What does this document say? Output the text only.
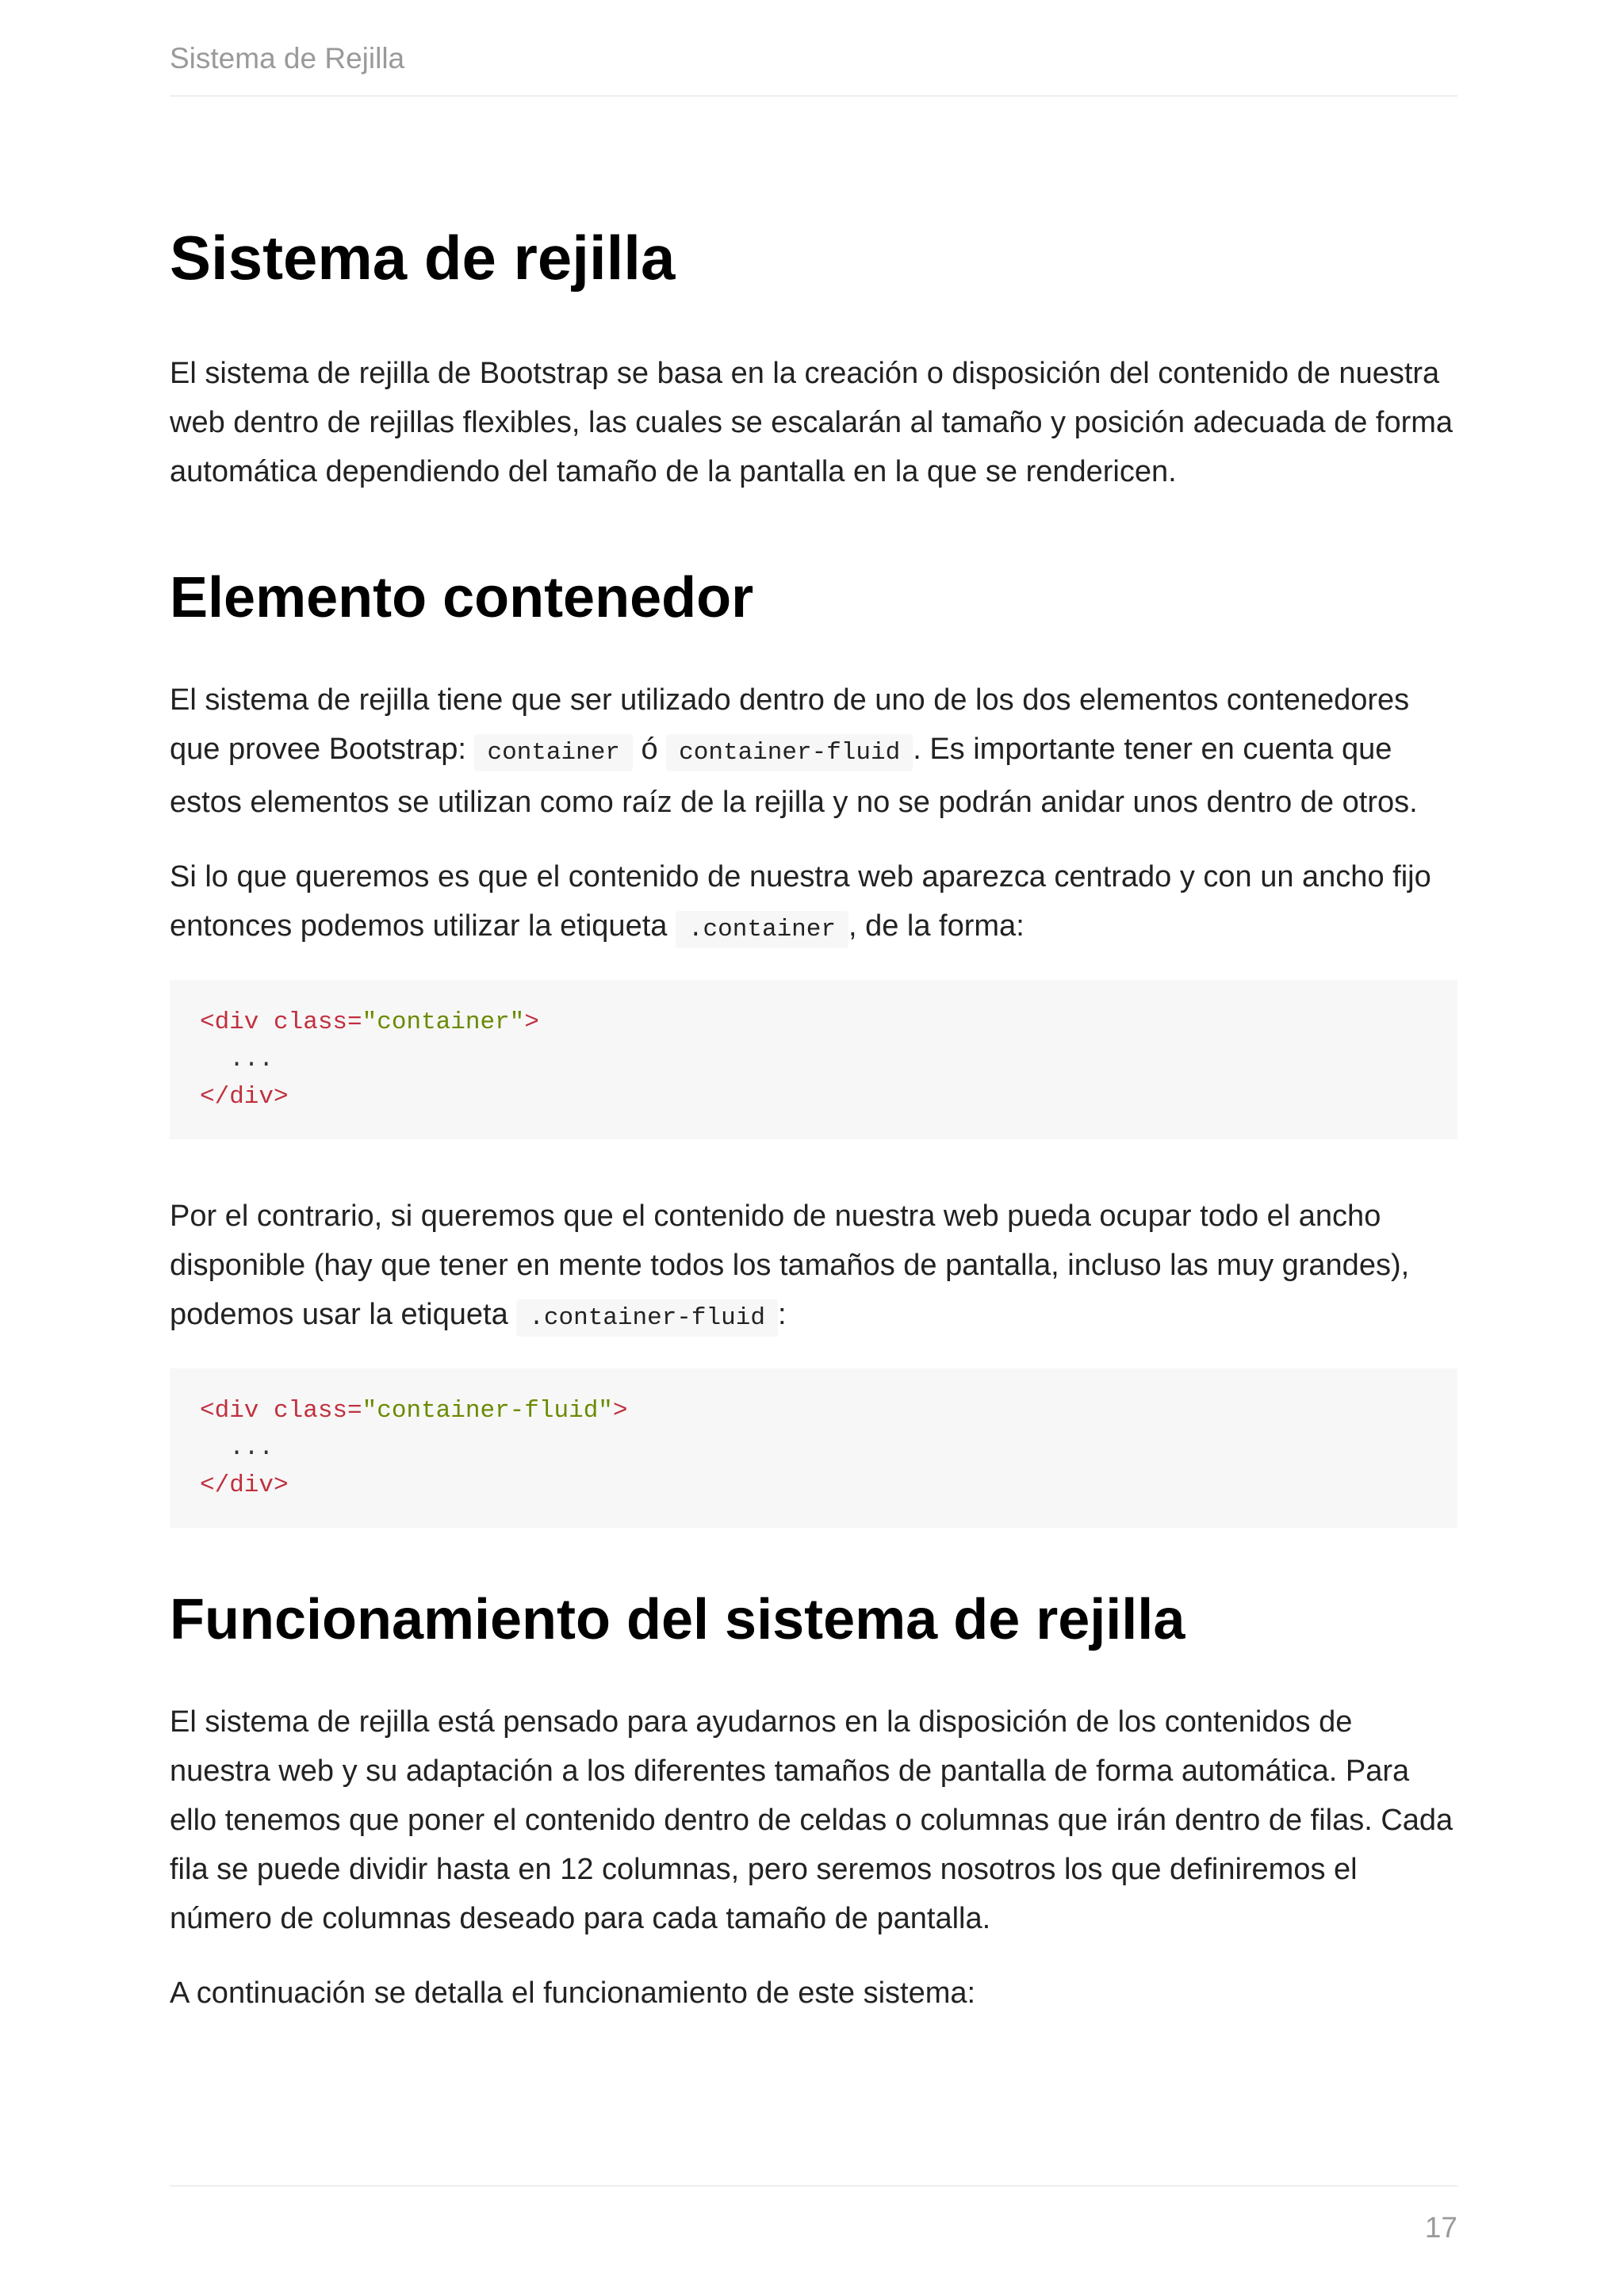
Sistema de Rejilla
Sistema de rejilla

El sistema de rejilla de Bootstrap se basa en la creación o disposición del contenido de nuestra web dentro de rejillas flexibles, las cuales se escalarán al tamaño y posición adecuada de forma automática dependiendo del tamaño de la pantalla en la que se rendericen.

Elemento contenedor

El sistema de rejilla tiene que ser utilizado dentro de uno de los dos elementos contenedores que provee Bootstrap: container ó container-fluid . Es importante tener en cuenta que estos elementos se utilizan como raíz de la rejilla y no se podrán anidar unos dentro de otros.

Si lo que queremos es que el contenido de nuestra web aparezca centrado y con un ancho fijo entonces podemos utilizar la etiqueta .container , de la forma:

<div class="container">
...
</div>

Por el contrario, si queremos que el contenido de nuestra web pueda ocupar todo el ancho disponible (hay que tener en mente todos los tamaños de pantalla, incluso las muy grandes), podemos usar la etiqueta .container-fluid :

<div class="container-fluid">
...
</div>
Funcionamiento del sistema de rejilla

El sistema de rejilla está pensado para ayudarnos en la disposición de los contenidos de nuestra web y su adaptación a los diferentes tamaños de pantalla de forma automática. Para ello tenemos que poner el contenido dentro de celdas o columnas que irán dentro de filas. Cada fila se puede dividir hasta en 12 columnas, pero seremos nosotros los que definiremos el número de columnas deseado para cada tamaño de pantalla.

A continuación se detalla el funcionamiento de este sistema:

17
